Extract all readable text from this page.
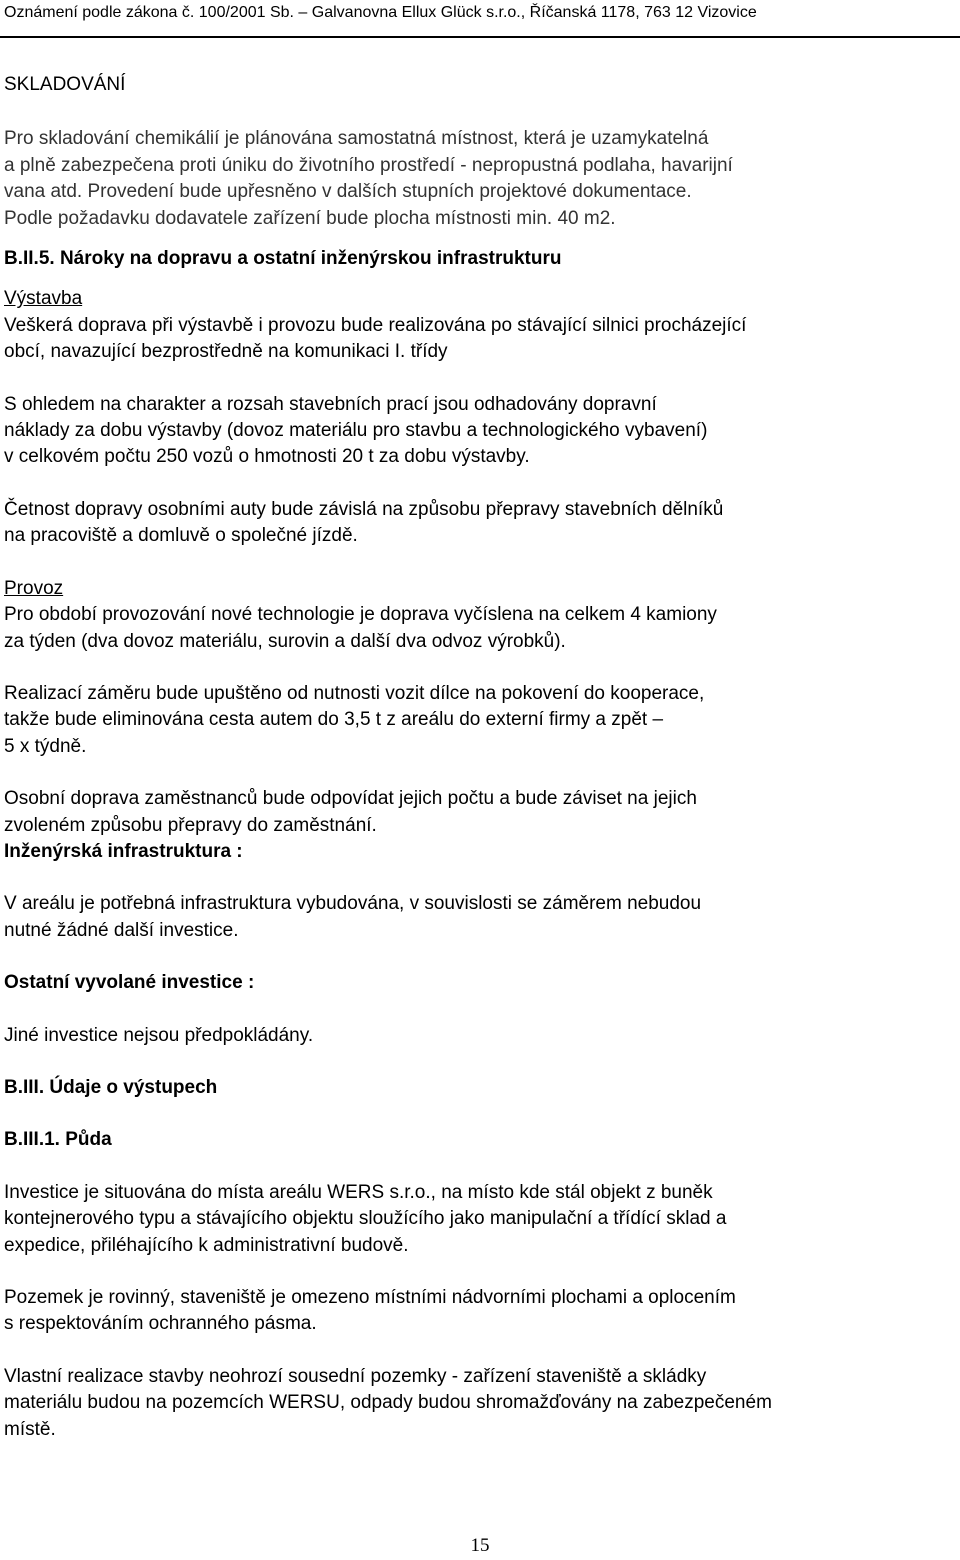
Oznámení podle zákona č. 100/2001 Sb. – Galvanovna Ellux Glück s.r.o., Říčanská 1178, 763 12 Vizovice

SKLADOVÁNÍ

Pro skladování chemikálií je plánována samostatná místnost, která je uzamykatelná

a plně zabezpečena proti úniku do životního prostředí - nepropustná podlaha, havarijní

vana atd. Provedení bude upřesněno v dalších stupních projektové dokumentace.

Podle požadavku dodavatele zařízení bude plocha místnosti min. 40 m2.

B.II.5. Nároky na dopravu a ostatní inženýrskou infrastrukturu

Výstavba

Veškerá doprava při výstavbě i provozu bude realizována po stávající silnici procházející

obcí, navazující bezprostředně na komunikaci I. třídy

S ohledem na charakter a rozsah stavebních prací jsou odhadovány dopravní

náklady za dobu výstavby (dovoz materiálu pro stavbu a technologického vybavení)

v celkovém počtu 250 vozů o hmotnosti 20 t za dobu výstavby.

Četnost dopravy osobními auty bude závislá na způsobu přepravy stavebních dělníků

na pracoviště a domluvě o společné jízdě.

Provoz

Pro období provozování nové technologie je doprava vyčíslena na celkem 4 kamiony

za týden (dva dovoz materiálu, surovin a další dva odvoz výrobků).

Realizací záměru bude upuštěno od nutnosti vozit dílce na pokovení do kooperace,

takže bude eliminována cesta autem do 3,5 t z areálu do externí firmy a zpět –

5 x týdně.

Osobní doprava zaměstnanců bude odpovídat jejich počtu a bude záviset na jejich

zvoleném způsobu přepravy do zaměstnání.

Inženýrská infrastruktura :

V areálu je potřebná infrastruktura vybudována, v souvislosti se záměrem nebudou

nutné žádné další investice.

Ostatní vyvolané investice :

Jiné investice nejsou předpokládány.

B.III. Údaje o výstupech

B.III.1. Půda

Investice je situována do místa areálu WERS s.r.o., na místo kde stál objekt z buněk

kontejnerového typu a stávajícího objektu sloužícího jako manipulační a třídící sklad a

expedice, přiléhajícího k administrativní budově.

Pozemek je rovinný, staveniště je omezeno místními nádvorními plochami a oplocením

s respektováním ochranného pásma.

Vlastní realizace stavby neohrozí sousední pozemky - zařízení staveniště a skládky

materiálu budou na pozemcích WERSU, odpady budou shromažďovány na zabezpečeném

místě.

15
